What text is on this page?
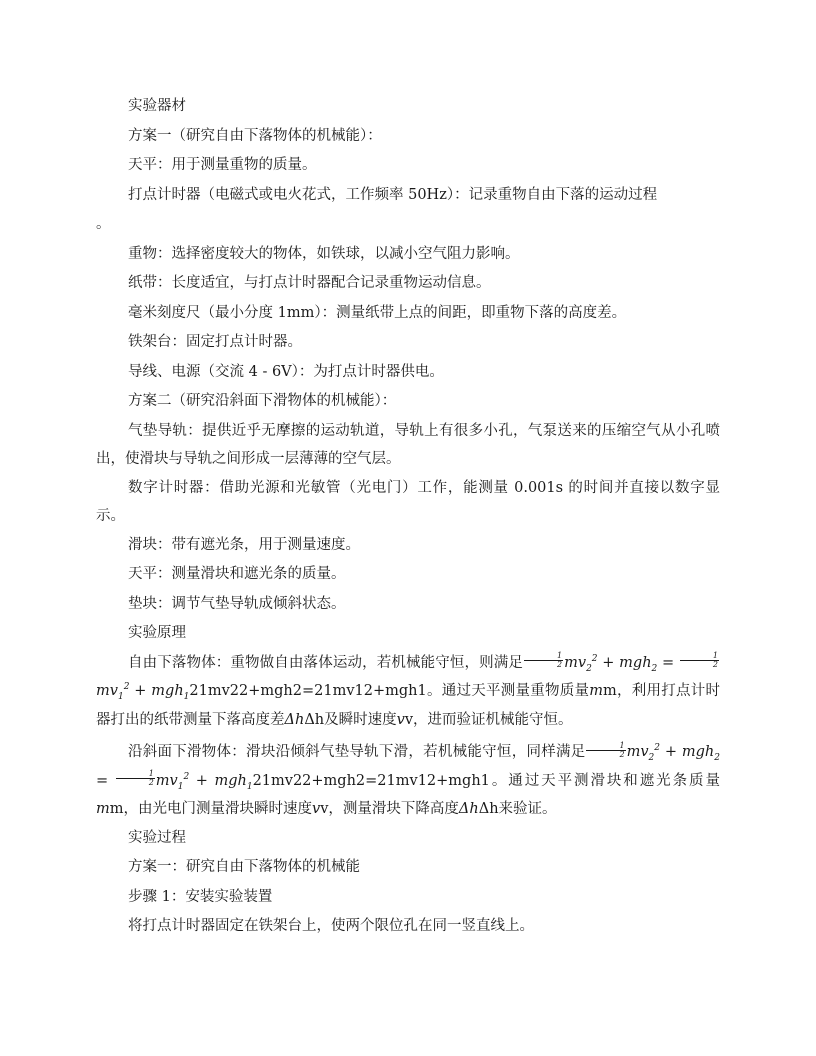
实验器材

方案一（研究自由下落物体的机械能）：

天平：用于测量重物的质量。

打点计时器（电磁式或电火花式，工作频率 50Hz）：记录重物自由下落的运动过程

。

重物：选择密度较大的物体，如铁球，以减小空气阻力影响。

纸带：长度适宜，与打点计时器配合记录重物运动信息。

毫米刻度尺（最小分度 1mm）：测量纸带上点的间距，即重物下落的高度差。

铁架台：固定打点计时器。

导线、电源（交流 4 - 6V）：为打点计时器供电。

方案二（研究沿斜面下滑物体的机械能）：

气垫导轨：提供近乎无摩擦的运动轨道，导轨上有很多小孔，气泵送来的压缩空气从小孔喷出，使滑块与导轨之间形成一层薄薄的空气层。

数字计时器：借助光源和光敏管（光电门）工作，能测量 0.001s 的时间并直接以数字显示。

滑块：带有遮光条，用于测量速度。

天平：测量滑块和遮光条的质量。

垫块：调节气垫导轨成倾斜状态。

实验原理

自由下落物体：重物做自由落体运动，若机械能守恒，则满足 $\frac{1}{2} mv_2^2 + mgh_2 = \frac{1}{2}$
$mv_1^2 + mgh_121mv22+mgh2=21mv12+mgh1$。通过天平测量重物质量mm，利用打点计时器打出的纸带测量下落高度差ΔhΔh及瞬时速度vv，进而验证机械能守恒。

沿斜面下滑物体：滑块沿倾斜气垫导轨下滑，若机械能守恒，同样满足 $\frac{1}{2} mv_2^2 + mgh_2 = \frac{1}{2} mv_1^2 + mgh_121mv22+mgh2=21mv12+mgh1$。通过天平测滑块和遮光条质量mm，由光电门测量滑块瞬时速度vv，测量滑块下降高度ΔhΔh来验证。

实验过程

方案一：研究自由下落物体的机械能

步骤 1：安装实验装置

将打点计时器固定在铁架台上，使两个限位孔在同一竖直线上。
